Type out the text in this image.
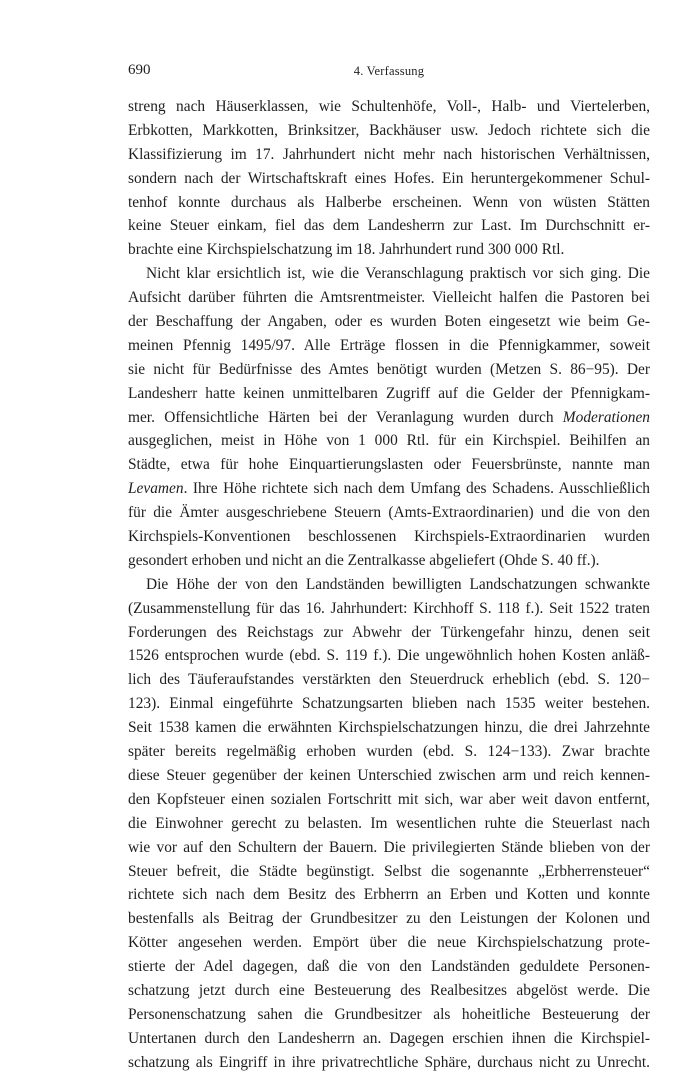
690	4. Verfassung
streng nach Häuserklassen, wie Schultenhöfe, Voll-, Halb- und Viertelerben,
Erbkotten, Markkotten, Brinksitzer, Backhäuser usw. Jedoch richtete sich die
Klassifizierung im 17. Jahrhundert nicht mehr nach historischen Verhältnissen,
sondern nach der Wirtschaftskraft eines Hofes. Ein heruntergekommener Schul-
tenhof konnte durchaus als Halberbe erscheinen. Wenn von wüsten Stätten
keine Steuer einkam, fiel das dem Landesherrn zur Last. Im Durchschnitt er-
brachte eine Kirchspielschatzung im 18. Jahrhundert rund 300 000 Rtl.
Nicht klar ersichtlich ist, wie die Veranschlagung praktisch vor sich ging. Die
Aufsicht darüber führten die Amtsrentmeister. Vielleicht halfen die Pastoren bei
der Beschaffung der Angaben, oder es wurden Boten eingesetzt wie beim Ge-
meinen Pfennig 1495/97. Alle Erträge flossen in die Pfennigkammer, soweit
sie nicht für Bedürfnisse des Amtes benötigt wurden (Metzen S. 86−95). Der
Landesherr hatte keinen unmittelbaren Zugriff auf die Gelder der Pfennigkam-
mer. Offensichtliche Härten bei der Veranlagung wurden durch Moderationen
ausgeglichen, meist in Höhe von 1 000 Rtl. für ein Kirchspiel. Beihilfen an
Städte, etwa für hohe Einquartierungslasten oder Feuersbrünste, nannte man
Levamen. Ihre Höhe richtete sich nach dem Umfang des Schadens. Ausschließlich
für die Ämter ausgeschriebene Steuern (Amts-Extraordinarien) und die von den
Kirchspiels-Konventionen beschlossenen Kirchspiels-Extraordinarien wurden
gesondert erhoben und nicht an die Zentralkasse abgeliefert (Ohde S. 40 ff.).
Die Höhe der von den Landständen bewilligten Landschatzungen schwankte
(Zusammenstellung für das 16. Jahrhundert: Kirchhoff S. 118 f.). Seit 1522 traten
Forderungen des Reichstags zur Abwehr der Türkengefahr hinzu, denen seit
1526 entsprochen wurde (ebd. S. 119 f.). Die ungewöhnlich hohen Kosten anläß-
lich des Täuferaufstandes verstärkten den Steuerdruck erheblich (ebd. S. 120−
123). Einmal eingeführte Schatzungsarten blieben nach 1535 weiter bestehen.
Seit 1538 kamen die erwähnten Kirchspielschatzungen hinzu, die drei Jahrzehnte
später bereits regelmäßig erhoben wurden (ebd. S. 124−133). Zwar brachte
diese Steuer gegenüber der keinen Unterschied zwischen arm und reich kennen-
den Kopfsteuer einen sozialen Fortschritt mit sich, war aber weit davon entfernt,
die Einwohner gerecht zu belasten. Im wesentlichen ruhte die Steuerlast nach
wie vor auf den Schultern der Bauern. Die privilegierten Stände blieben von der
Steuer befreit, die Städte begünstigt. Selbst die sogenannte „Erbherrensteuer“
richtete sich nach dem Besitz des Erbherrn an Erben und Kotten und konnte
bestenfalls als Beitrag der Grundbesitzer zu den Leistungen der Kolonen und
Kötter angesehen werden. Empört über die neue Kirchspielschatzung prote-
stierte der Adel dagegen, daß die von den Landständen geduldete Personen-
schatzung jetzt durch eine Besteuerung des Realbesitzes abgelöst werde. Die
Personenschatzung sahen die Grundbesitzer als hoheitliche Besteuerung der
Untertanen durch den Landesherrn an. Dagegen erschien ihnen die Kirchspiel-
schatzung als Eingriff in ihre privatrechtliche Sphäre, durchaus nicht zu Unrecht.
